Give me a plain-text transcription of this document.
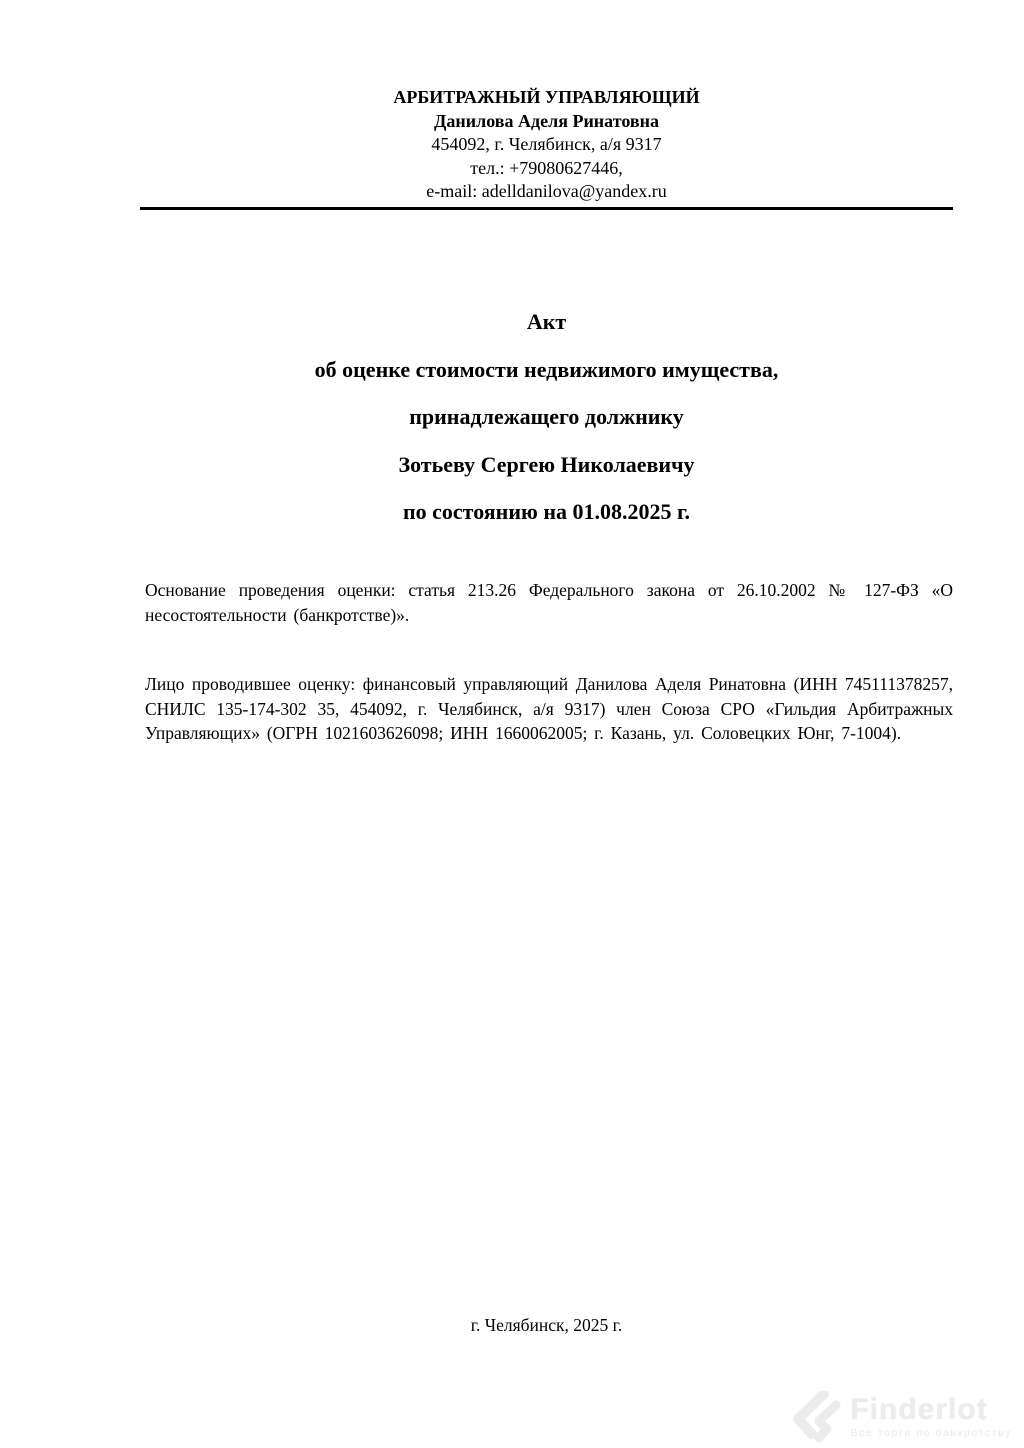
АРБИТРАЖНЫЙ УПРАВЛЯЮЩИЙ
Данилова Аделя Ринатовна
454092, г. Челябинск, а/я 9317
тел.: +79080627446,
e-mail: adelldanilova@yandex.ru
Акт
об оценке стоимости недвижимого имущества,
принадлежащего должнику
Зотьеву Сергею Николаевичу
по состоянию на 01.08.2025 г.

Основание проведения оценки: статья 213.26 Федерального закона от 26.10.2002 № 127-ФЗ «О несостоятельности (банкротстве)».

Лицо проводившее оценку: финансовый управляющий Данилова Аделя Ринатовна (ИНН 745111378257, СНИЛС 135-174-302 35, 454092, г. Челябинск, а/я 9317) член Союза СРО «Гильдия Арбитражных Управляющих» (ОГРН 1021603626098; ИНН 1660062005; г. Казань, ул. Соловецких Юнг, 7-1004).

г. Челябинск, 2025 г.
Finderlot
Все торги по банкротству
